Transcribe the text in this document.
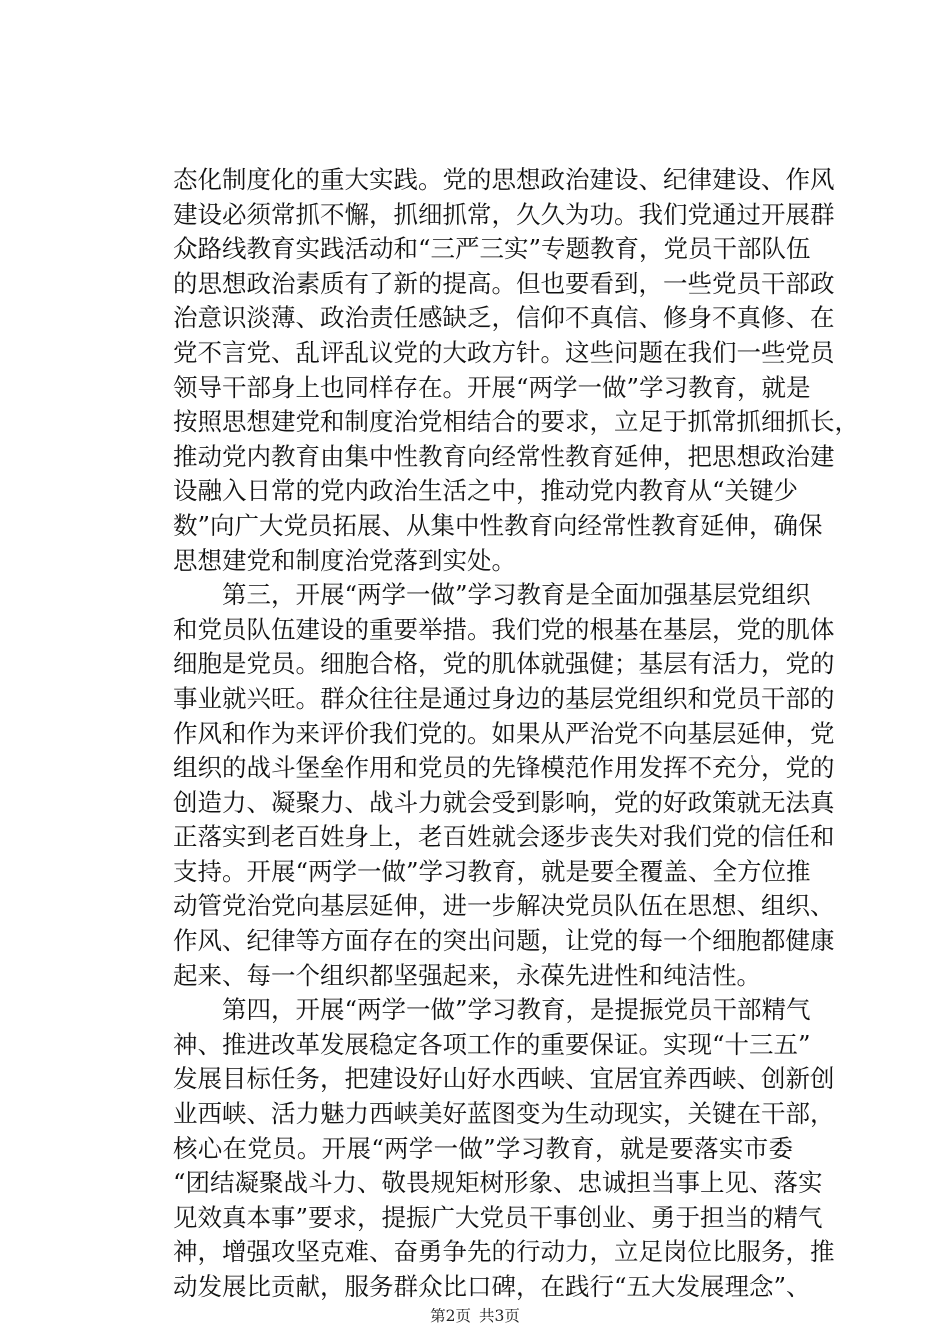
态化制度化的重大实践。党的思想政治建设、纪律建设、作风
建设必须常抓不懈，抓细抓常，久久为功。我们党通过开展群
众路线教育实践活动和“三严三实”专题教育，党员干部队伍
的思想政治素质有了新的提高。但也要看到，一些党员干部政
治意识淡薄、政治责任感缺乏，信仰不真信、修身不真修、在
党不言党、乱评乱议党的大政方针。这些问题在我们一些党员
领导干部身上也同样存在。开展“两学一做”学习教育，就是
按照思想建党和制度治党相结合的要求，立足于抓常抓细抓长，
推动党内教育由集中性教育向经常性教育延伸，把思想政治建
设融入日常的党内政治生活之中，推动党内教育从“关键少
数”向广大党员拓展、从集中性教育向经常性教育延伸，确保
思想建党和制度治党落到实处。
第三，开展“两学一做”学习教育是全面加强基层党组织
和党员队伍建设的重要举措。我们党的根基在基层，党的肌体
细胞是党员。细胞合格，党的肌体就强健；基层有活力，党的
事业就兴旺。群众往往是通过身边的基层党组织和党员干部的
作风和作为来评价我们党的。如果从严治党不向基层延伸，党
组织的战斗堡垒作用和党员的先锋模范作用发挥不充分，党的
创造力、凝聚力、战斗力就会受到影响，党的好政策就无法真
正落实到老百姓身上，老百姓就会逐步丧失对我们党的信任和
支持。开展“两学一做”学习教育，就是要全覆盖、全方位推
动管党治党向基层延伸，进一步解决党员队伍在思想、组织、
作风、纪律等方面存在的突出问题，让党的每一个细胞都健康
起来、每一个组织都坚强起来，永葆先进性和纯洁性。
第四，开展“两学一做”学习教育，是提振党员干部精气
神、推进改革发展稳定各项工作的重要保证。实现“十三五”
发展目标任务，把建设好山好水西峡、宜居宜养西峡、创新创
业西峡、活力魅力西峡美好蓝图变为生动现实，关键在干部，
核心在党员。开展“两学一做”学习教育，就是要落实市委
“团结凝聚战斗力、敬畏规矩树形象、忠诚担当事上见、落实
见效真本事”要求，提振广大党员干事创业、勇于担当的精气
神，增强攻坚克难、奋勇争先的行动力，立足岗位比服务，推
动发展比贡献，服务群众比口碑，在践行“五大发展理念”、
第2页 共3页
